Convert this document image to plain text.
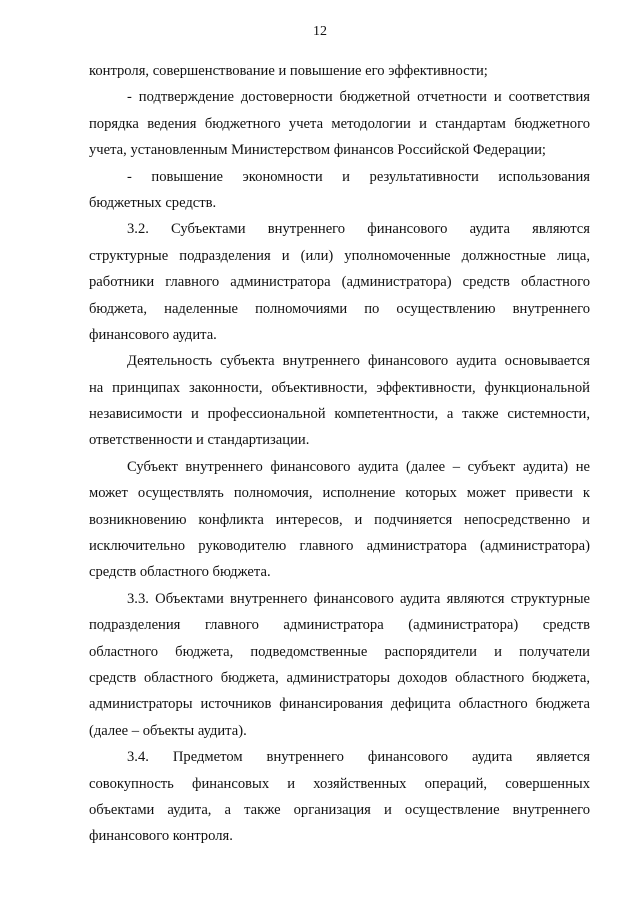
12
контроля, совершенствование и повышение его эффективности;
- подтверждение достоверности бюджетной отчетности и соответствия
порядка ведения бюджетного учета методологии и стандартам бюджетного
учета, установленным Министерством финансов Российской Федерации;
- повышение экономности и результативности использования
бюджетных средств.
3.2. Субъектами внутреннего финансового аудита являются
структурные подразделения и (или) уполномоченные должностные лица,
работники главного администратора (администратора) средств областного
бюджета, наделенные полномочиями по осуществлению внутреннего
финансового аудита.
Деятельность субъекта внутреннего финансового аудита основывается
на принципах законности, объективности, эффективности, функциональной
независимости и профессиональной компетентности, а также системности,
ответственности и стандартизации.
Субъект внутреннего финансового аудита (далее – субъект аудита) не
может осуществлять полномочия, исполнение которых может привести к
возникновению конфликта интересов, и подчиняется непосредственно и
исключительно руководителю главного администратора (администратора)
средств областного бюджета.
3.3. Объектами внутреннего финансового аудита являются структурные
подразделения главного администратора (администратора) средств
областного бюджета, подведомственные распорядители и получатели
средств областного бюджета, администраторы доходов областного бюджета,
администраторы источников финансирования дефицита областного бюджета
(далее – объекты аудита).
3.4. Предметом внутреннего финансового аудита является
совокупность финансовых и хозяйственных операций, совершенных
объектами аудита, а также организация и осуществление внутреннего
финансового контроля.
